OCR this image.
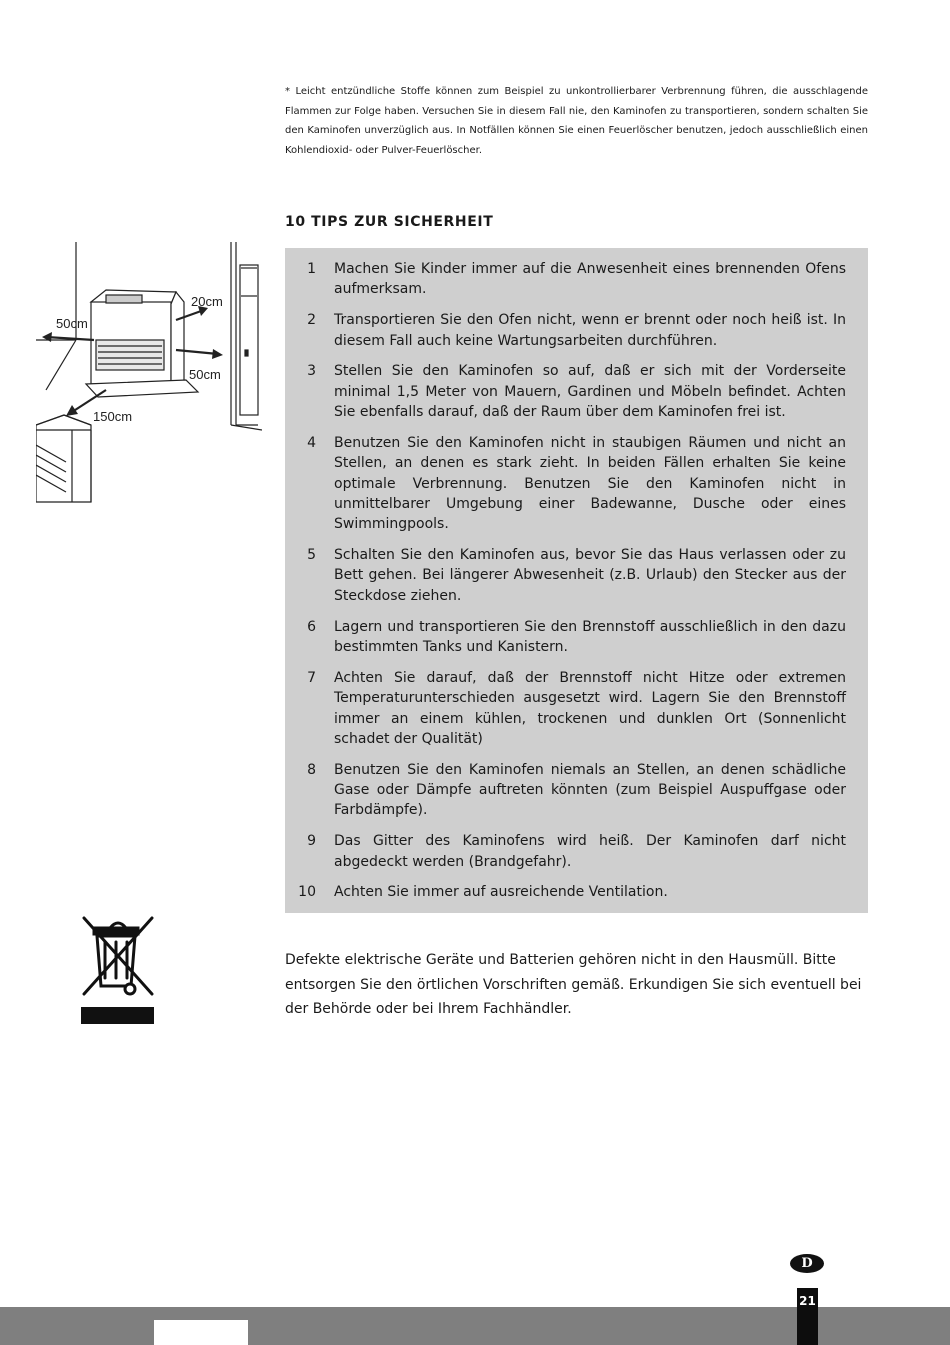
* Leicht entzündliche Stoffe können zum Beispiel zu unkontrollierbarer Verbrennung führen, die ausschlagende Flammen zur Folge haben. Versuchen Sie in diesem Fall nie, den Kaminofen zu transportieren, sondern schalten Sie den Kaminofen unverzüglich aus. In Notfällen können Sie einen Feuerlöscher benutzen, jedoch ausschließlich einen Kohlendioxid- oder Pulver-Feuerlöscher.

50cm
20cm
50cm
150cm
10 TIPS ZUR SICHERHEIT
1	Machen Sie Kinder immer auf die Anwesenheit eines brennenden Ofens aufmerksam.
2	Transportieren Sie den Ofen nicht, wenn er brennt oder noch heiß ist. In diesem Fall auch keine Wartungsarbeiten durchführen.
3	Stellen Sie den Kaminofen so auf, daß er sich mit der Vorderseite minimal 1,5 Meter von Mauern, Gardinen und Möbeln befindet. Achten Sie ebenfalls darauf, daß der Raum über dem Kaminofen frei ist.
4	Benutzen Sie den Kaminofen nicht in staubigen Räumen und nicht an Stellen, an denen es stark zieht. In beiden Fällen erhalten Sie keine optimale Verbrennung. Benutzen Sie den Kaminofen nicht in unmittelbarer Umgebung einer Badewanne, Dusche oder eines Swimmingpools.
5	Schalten Sie den Kaminofen aus, bevor Sie das Haus verlassen oder zu Bett gehen. Bei längerer Abwesenheit (z.B. Urlaub) den Stecker aus der Steckdose ziehen.
6	Lagern und transportieren Sie den Brennstoff ausschließlich in den dazu bestimmten Tanks und Kanistern.
7	Achten Sie darauf, daß der Brennstoff nicht Hitze oder extremen Temperaturunterschieden ausgesetzt wird. Lagern Sie den Brennstoff immer an einem kühlen, trockenen und dunklen Ort (Sonnenlicht schadet der Qualität)
8	Benutzen Sie den Kaminofen niemals an Stellen, an denen schädliche Gase oder Dämpfe auftreten könnten (zum Beispiel Auspuffgase oder Farbdämpfe).
9	Das Gitter des Kaminofens wird heiß. Der Kaminofen darf nicht abgedeckt werden (Brandgefahr).
10	Achten Sie immer auf ausreichende Ventilation.

Defekte elektrische Geräte und Batterien gehören nicht in den Hausmüll. Bitte entsorgen Sie den örtlichen Vorschriften gemäß. Erkundigen Sie sich eventuell bei der Behörde oder bei Ihrem Fachhändler.

D
21
